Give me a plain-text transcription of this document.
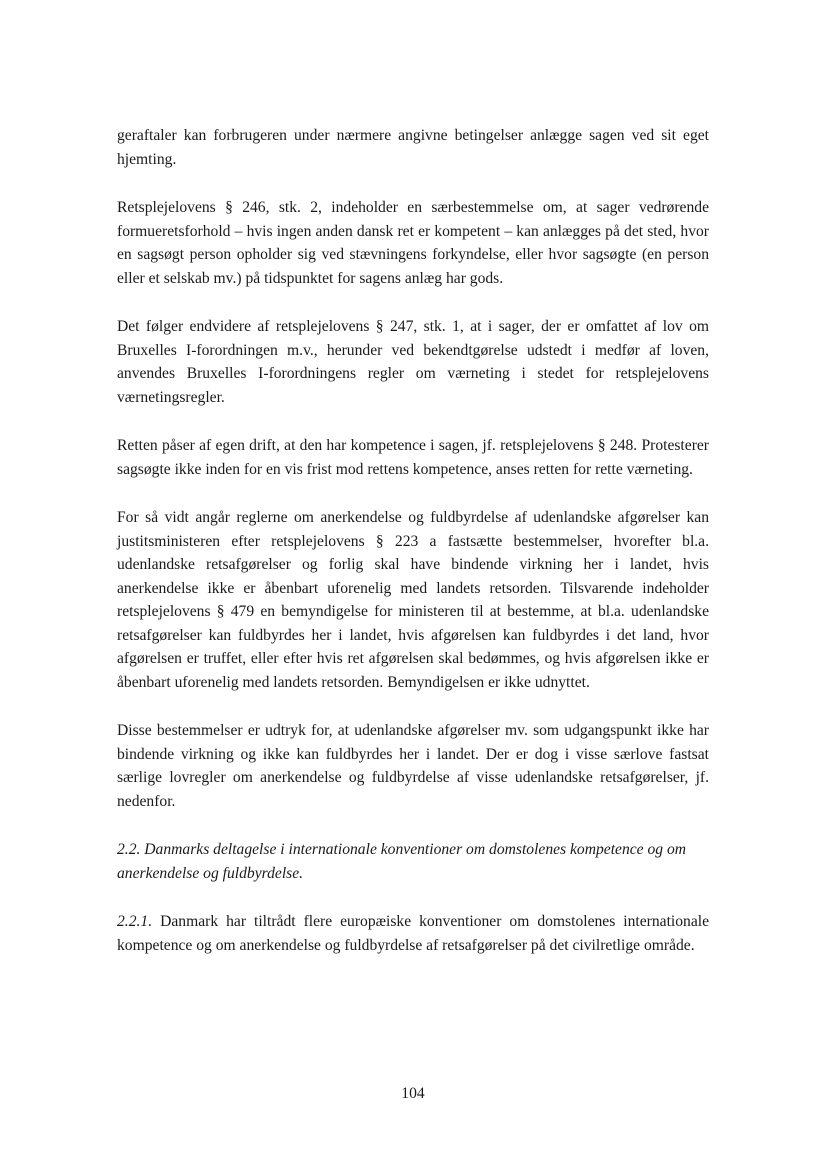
geraftaler kan forbrugeren under nærmere angivne betingelser anlægge sagen ved sit eget hjemting.

Retsplejelovens § 246, stk. 2, indeholder en særbestemmelse om, at sager vedrørende formueretsforhold – hvis ingen anden dansk ret er kompetent – kan anlægges på det sted, hvor en sagsøgt person opholder sig ved stævningens forkyndelse, eller hvor sagsøgte (en person eller et selskab mv.) på tidspunktet for sagens anlæg har gods.

Det følger endvidere af retsplejelovens § 247, stk. 1, at i sager, der er omfattet af lov om Bruxelles I-forordningen m.v., herunder ved bekendtgørelse udstedt i medfør af loven, anvendes Bruxelles I-forordningens regler om værneting i stedet for retsplejelovens værnetingsregler.

Retten påser af egen drift, at den har kompetence i sagen, jf. retsplejelovens § 248. Protesterer sagsøgte ikke inden for en vis frist mod rettens kompetence, anses retten for rette værneting.

For så vidt angår reglerne om anerkendelse og fuldbyrdelse af udenlandske afgørelser kan justitsministeren efter retsplejelovens § 223 a fastsætte bestemmelser, hvorefter bl.a. udenlandske retsafgørelser og forlig skal have bindende virkning her i landet, hvis anerkendelse ikke er åbenbart uforenelig med landets retsorden. Tilsvarende indeholder retsplejelovens § 479 en bemyndigelse for ministeren til at bestemme, at bl.a. udenlandske retsafgørelser kan fuldbyrdes her i landet, hvis afgørelsen kan fuldbyrdes i det land, hvor afgørelsen er truffet, eller efter hvis ret afgørelsen skal bedømmes, og hvis afgørelsen ikke er åbenbart uforenelig med landets retsorden. Bemyndigelsen er ikke udnyttet.

Disse bestemmelser er udtryk for, at udenlandske afgørelser mv. som udgangspunkt ikke har bindende virkning og ikke kan fuldbyrdes her i landet. Der er dog i visse særlove fastsat særlige lovregler om anerkendelse og fuldbyrdelse af visse udenlandske retsafgørelser, jf. nedenfor.

2.2. Danmarks deltagelse i internationale konventioner om domstolenes kompetence og om anerkendelse og fuldbyrdelse.

2.2.1. Danmark har tiltrådt flere europæiske konventioner om domstolenes internationale kompetence og om anerkendelse og fuldbyrdelse af retsafgørelser på det civilretlige område.

104
